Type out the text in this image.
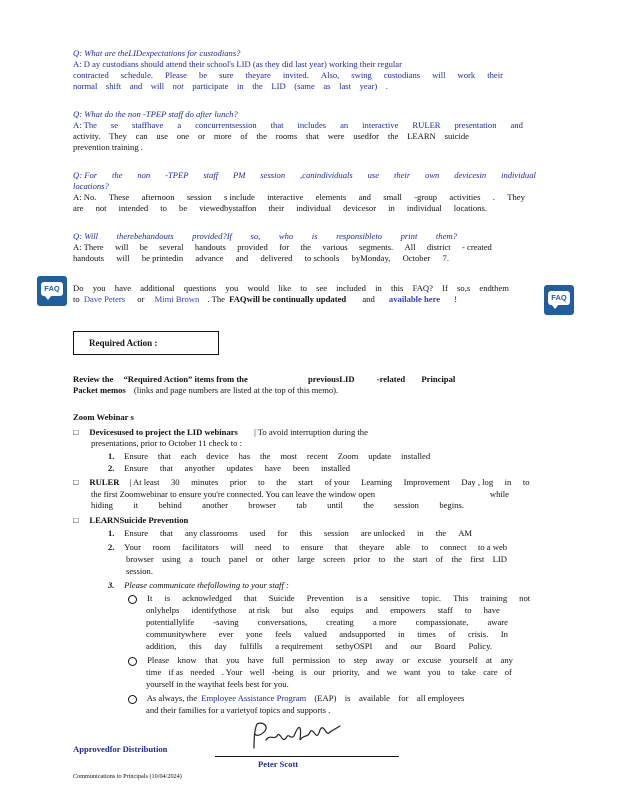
Q: What are theLIDexpectations for custodians?
A: D ay custodians should attend their school's LID (as they did last year) working their regular
contracted schedule. Please be sure theyare invited. Also, swing custodians will work their
normal shift and will not participate in the LID (same as last year) .
Q: What do the non -TPEP staff do after lunch?
A: The se staffhave a concurrentsession that includes an interactive RULER presentation and
activity. They can use one or more of the rooms that were usedfor the LEARN suicide
prevention training .
Q: For the non -TPEP staff PM session ,canindividuals use their own devicesin individual
locations?
A: No. These afternoon session s include interactive elements and small -group activities . They
are not intended to be viewedbystaffon their individual devicesor in individual locations.
Q: Will therebehandouts provided?If so, who is responsibleto print them?
A: There will be several handouts provided for the various segments. All district - created
handouts will be printedin advance and delivered to schools byMonday, October 7.
FAQ
FAQ
Do you have additional questions you would like to see included in this FAQ? If so,s endthem
to Dave Peters or Mimi Brown . The FAQwill be continually updated and available here !
Required Action :
Review the “Required Action” items from the	previousLID	-related Principal
Packet memos (links and page numbers are listed at the top of this memo).
Zoom Webinar s
□ Devicesused to project the LID webinars | To avoid interruption during the
presentations, prior to October 11 check to :
1. Ensure that each device has the most recent Zoom update installed
2. Ensure that anyother updates have been installed
□ RULER | At least 30 minutes prior to the start of your Learning Improvement Day , log in to
the first Zoomwebinar to ensure you're connected. You can leave the window open	while
hiding it behind another browser tab until the session begins.
□ LEARNSuicide Prevention
1. Ensure that any classrooms used for this session are unlocked in the AM
2. Your room facilitators will need to ensure that theyare able to connect to a web
browser using a touch panel or other large screen prior to the start of the first LID
session.
3. Please communicate thefollowing to your staff :

It is acknowledged that Suicide Prevention is a sensitive topic. This training not
onlyhelps identifythose at risk but also equips and empowers staff to have
potentiallylife -saving conversations, creating a more compassionate, aware
communitywhere ever yone feels valued andsupported in times of crisis. In
addition, this day fulfills a requirement setbyOSPI and our Board Policy.

Please know that you have full permission to step away or excuse yourself at any
time if as needed . Your well -being is our priority, and we want you to take care of
yourself in the waythat feels best for you.
As always, the Employee Assistance Program (EAP) is available for all employees
and their families for a varietyof topics and supports .
Approvedfor Distribution
Peter Scott
Communications to Principals (10/04/2024)
